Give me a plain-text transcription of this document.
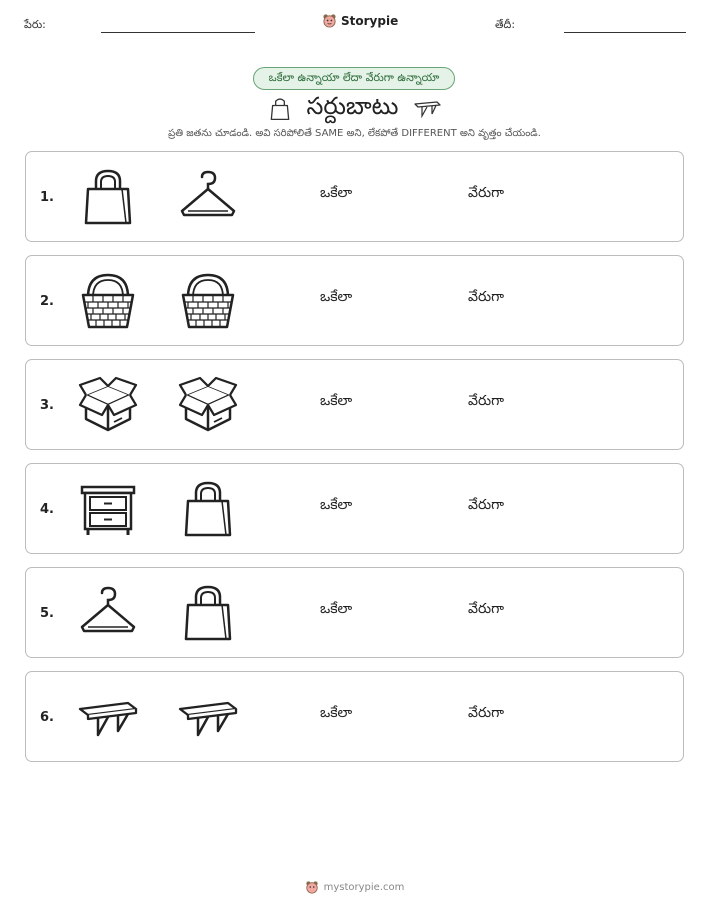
పేరు:	Storypie	తేదీ:
ఒకేలా ఉన్నాయా లేదా వేరుగా ఉన్నాయా
సర్దుబాటు
ప్రతి జతను చూడండి. అవి సరిపోలితే SAME అని, లేకపోతే DIFFERENT అని వృత్తం చేయండి.
1.	ఒకేలా	వేరుగా
2.	ఒకేలా	వేరుగా
3.	ఒకేలా	వేరుగా
4.	ఒకేలా	వేరుగా
5.	ఒకేలా	వేరుగా
6.	ఒకేలా	వేరుగా
mystorypie.com
